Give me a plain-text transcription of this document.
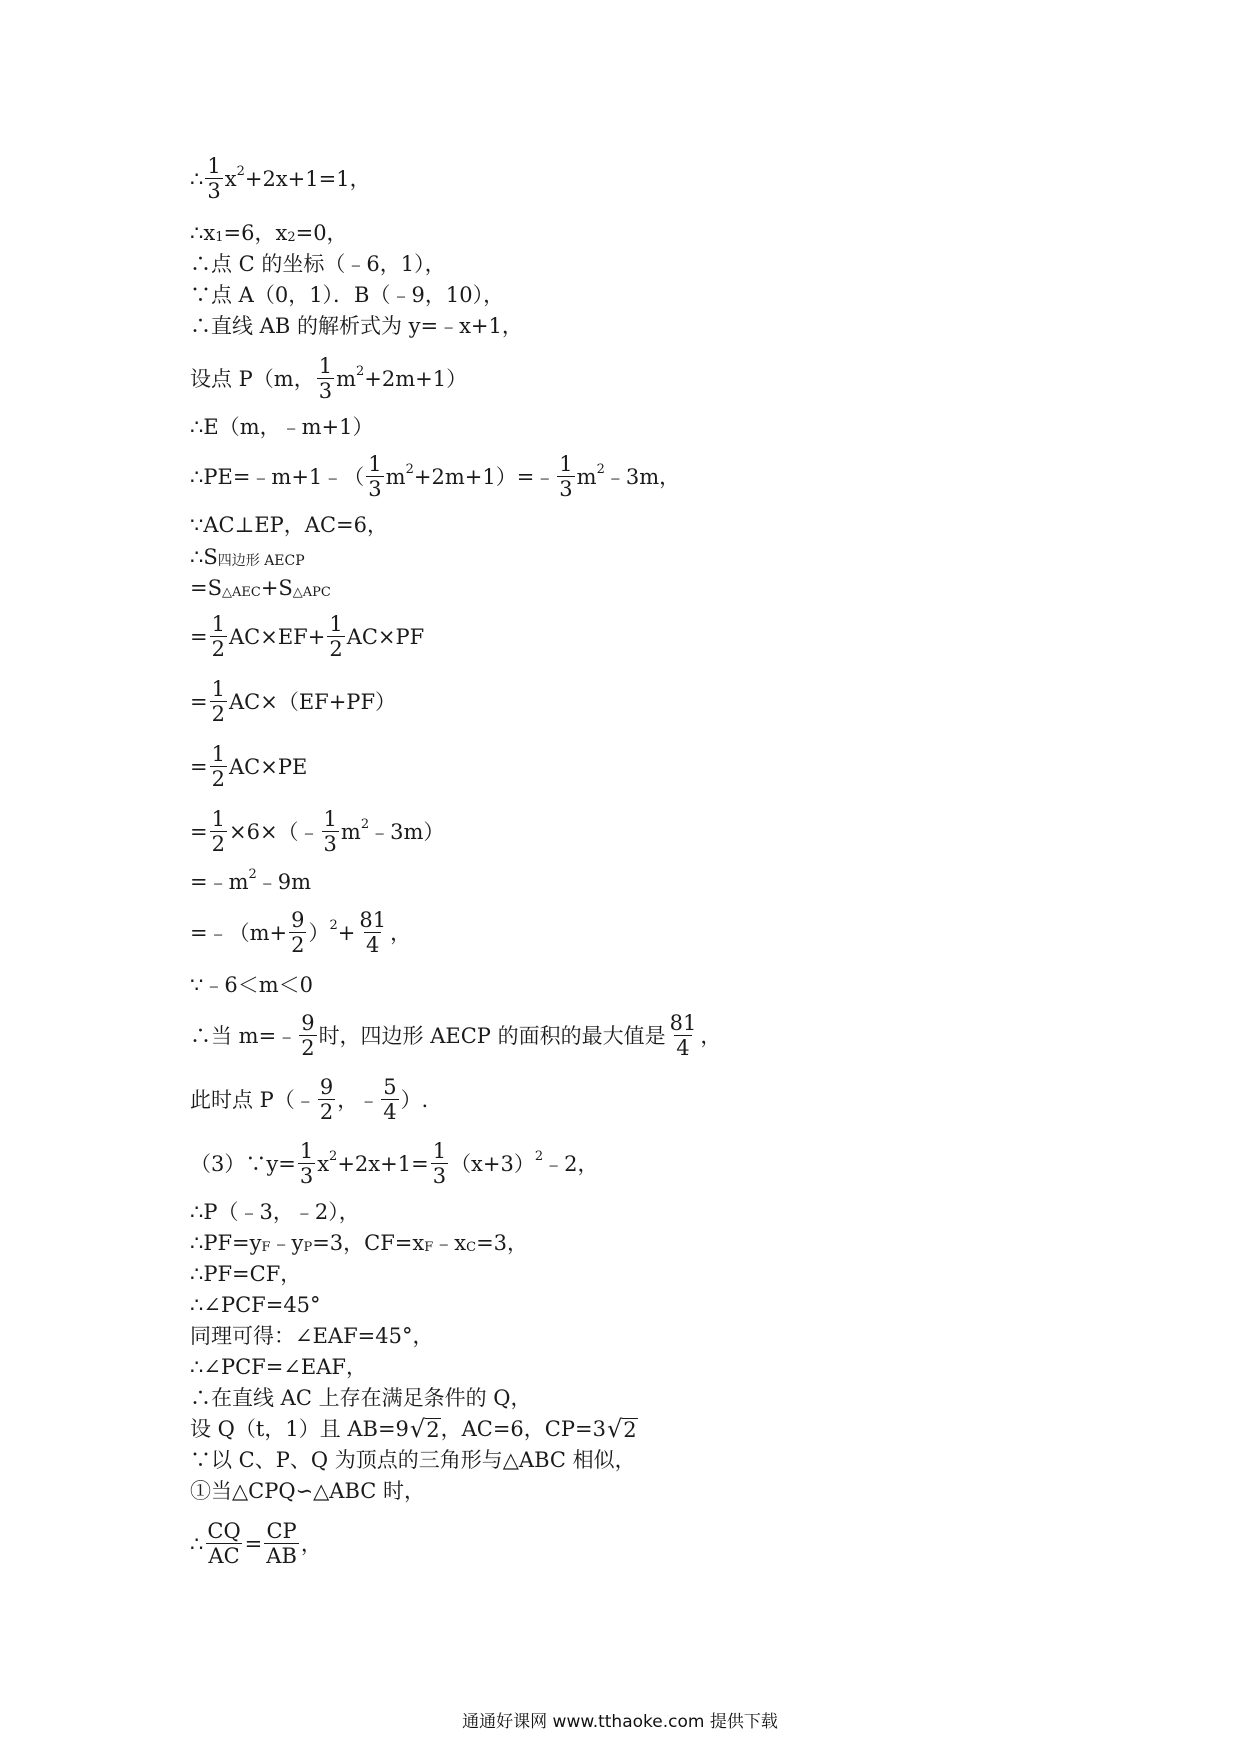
∴ $\frac{1}{3} x^2 +2x+1=1$，
$\therefore x_1 =6$，$x_2 =0$，
∴点 C 的坐标（﹣6，1），
∵点 A（0，1）．B（﹣9，10），
∴直线 AB 的解析式为 y=﹣x+1，
设点 P（m， $\frac{1}{3} m^2 +2m+1$）
∴E（m，﹣m+1）
∴PE=﹣m+1﹣（ $\frac{1}{3} m^2$ +2m+1）=﹣ $\frac{1}{3} m^2$ ﹣3m，
∵AC⊥EP，AC=6，
∴S 四边形 AECP
$=S_{\triangle AEC} +S_{\triangle APC}$
= $\frac{1}{2} AC\times EF+ \frac{1}{2} AC\times PF$
= $\frac{1}{2} AC\times(EF+PF)$
= $\frac{1}{2} AC\times PE$
= $\frac{1}{2}$ ×6×（﹣ $\frac{1}{3} m^2$ ﹣3m）
$=﹣m^2$ ﹣9m
=﹣（m+ $\frac{9}{2} )^2 + \frac{81}{4}$ ，
∵﹣6＜m＜0
∴当 m=﹣ $\frac{9}{2}$ 时，四边形 AECP 的面积的最大值是 $\frac{81}{4}$ ，
此时点 P（﹣ $\frac{9}{2}$ ，﹣ $\frac{5}{4}$ ）.
（3）∵y= $\frac{1}{3} x^2 +2x+1= \frac{1}{3} (x+3)^2$ ﹣2，
∴P（﹣3，﹣2），
$\therefore PF=y_F$ $﹣y_P =3$，$CF=x_F$ $﹣x_C =3$，
∴PF=CF，
∴∠PCF=45°
同理可得：∠EAF=45°，
∴∠PCF=∠EAF，
∴在直线 AC 上存在满足条件的 Q，
设 Q（t，1）且 AB=9 √ 2 ，AC=6，CP=3 √ 2
∵以 C、P、Q 为顶点的三角形与△ABC 相似，
①当△CPQ∽△ABC 时，
∴ $\frac{CQ}{AC} = \frac{CP}{AB}$ ，
通通好课网 www.tthaoke.com 提供下载
